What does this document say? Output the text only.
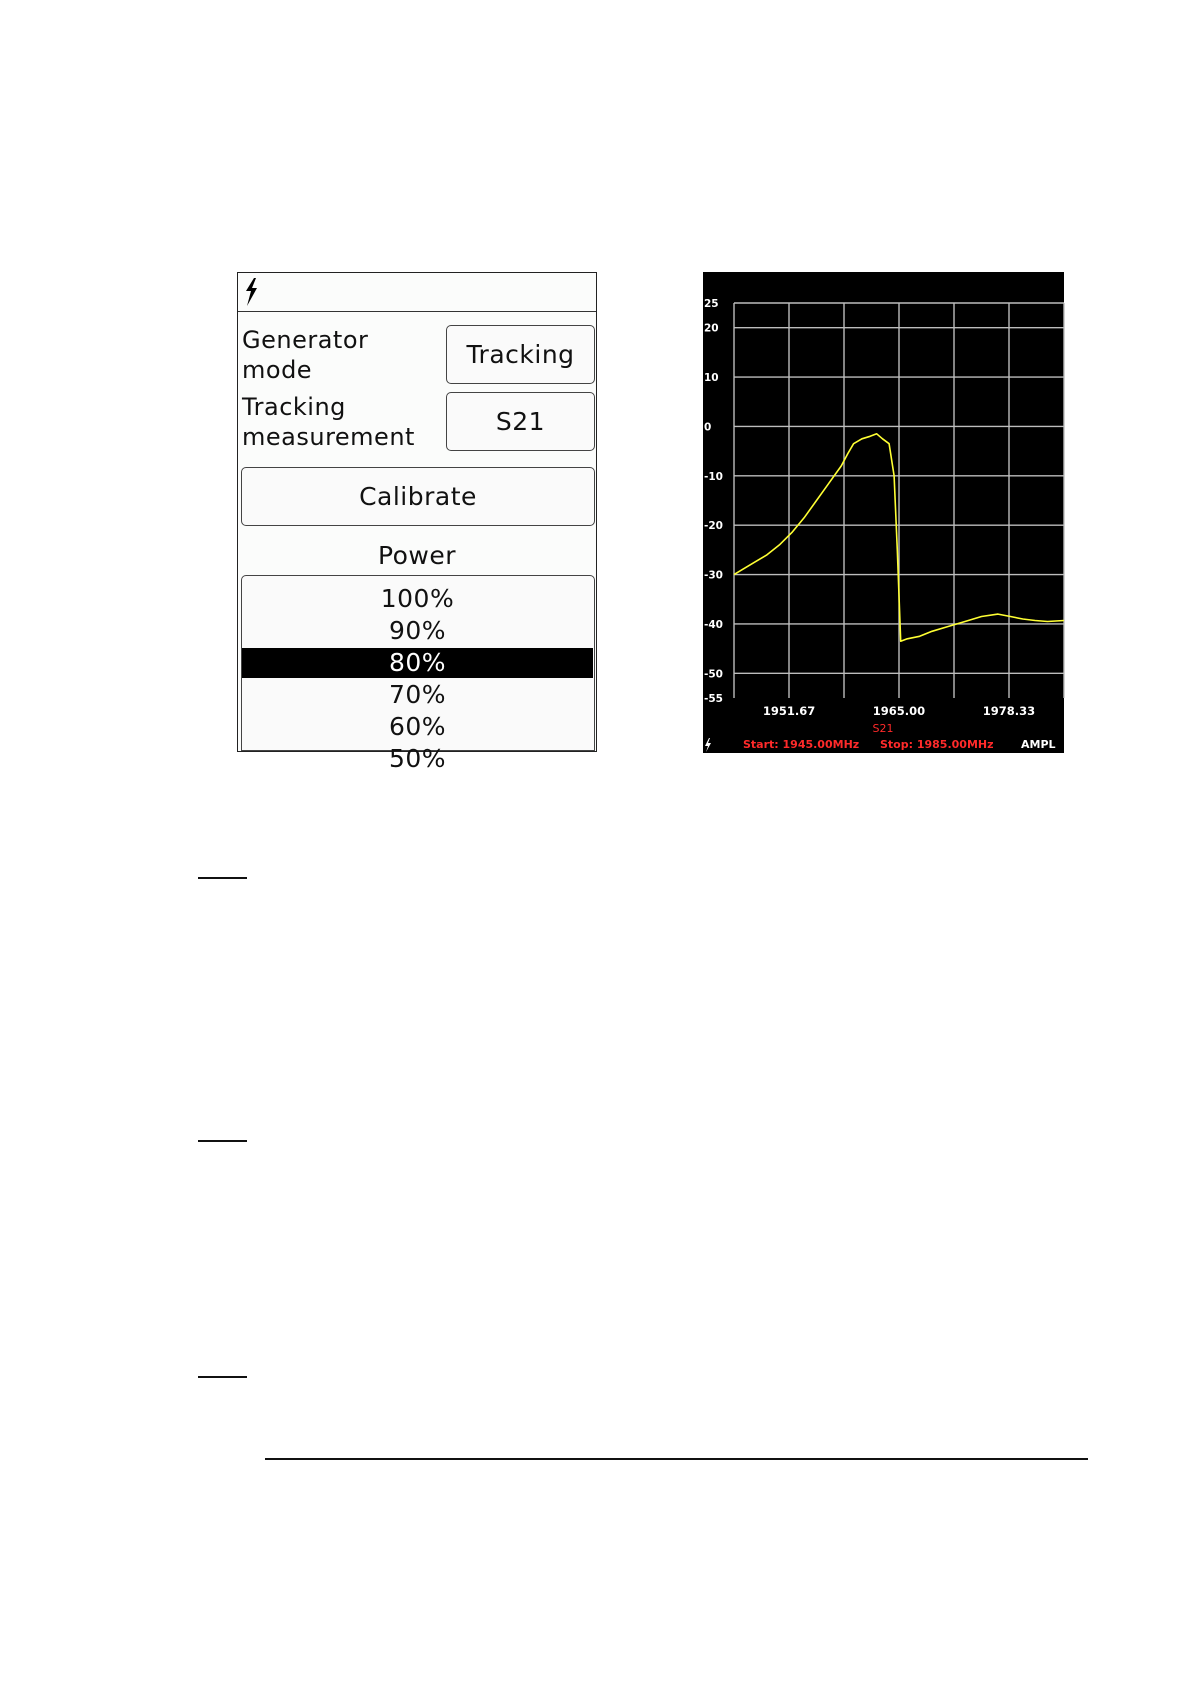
Generator
mode
Tracking
Tracking
measurement
S21
Calibrate
Power
100%
90%
80%
70%
60%
50%
25
20
10
0
-10
-20
-30
-40
-50
-55
1951.67	1965.00	1978.33
S21
Start: 1945.00MHz Stop: 1985.00MHz	AMPL
